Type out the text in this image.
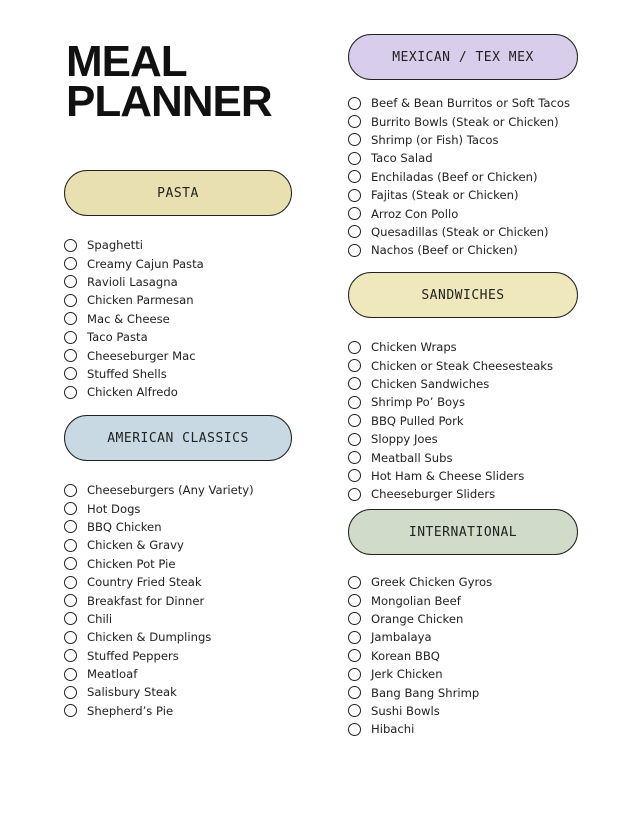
MEAL
PLANNER
PASTA
Spaghetti
Creamy Cajun Pasta
Ravioli Lasagna
Chicken Parmesan
Mac & Cheese
Taco Pasta
Cheeseburger Mac
Stuffed Shells
Chicken Alfredo
AMERICAN CLASSICS
Cheeseburgers (Any Variety)
Hot Dogs
BBQ Chicken
Chicken & Gravy
Chicken Pot Pie
Country Fried Steak
Breakfast for Dinner
Chili
Chicken & Dumplings
Stuffed Peppers
Meatloaf
Salisbury Steak
Shepherd’s Pie
MEXICAN / TEX MEX
Beef & Bean Burritos or Soft Tacos
Burrito Bowls (Steak or Chicken)
Shrimp (or Fish) Tacos
Taco Salad
Enchiladas (Beef or Chicken)
Fajitas (Steak or Chicken)
Arroz Con Pollo
Quesadillas (Steak or Chicken)
Nachos (Beef or Chicken)
SANDWICHES
Chicken Wraps
Chicken or Steak Cheesesteaks
Chicken Sandwiches
Shrimp Po’ Boys
BBQ Pulled Pork
Sloppy Joes
Meatball Subs
Hot Ham & Cheese Sliders
Cheeseburger Sliders
INTERNATIONAL
Greek Chicken Gyros
Mongolian Beef
Orange Chicken
Jambalaya
Korean BBQ
Jerk Chicken
Bang Bang Shrimp
Sushi Bowls
Hibachi
